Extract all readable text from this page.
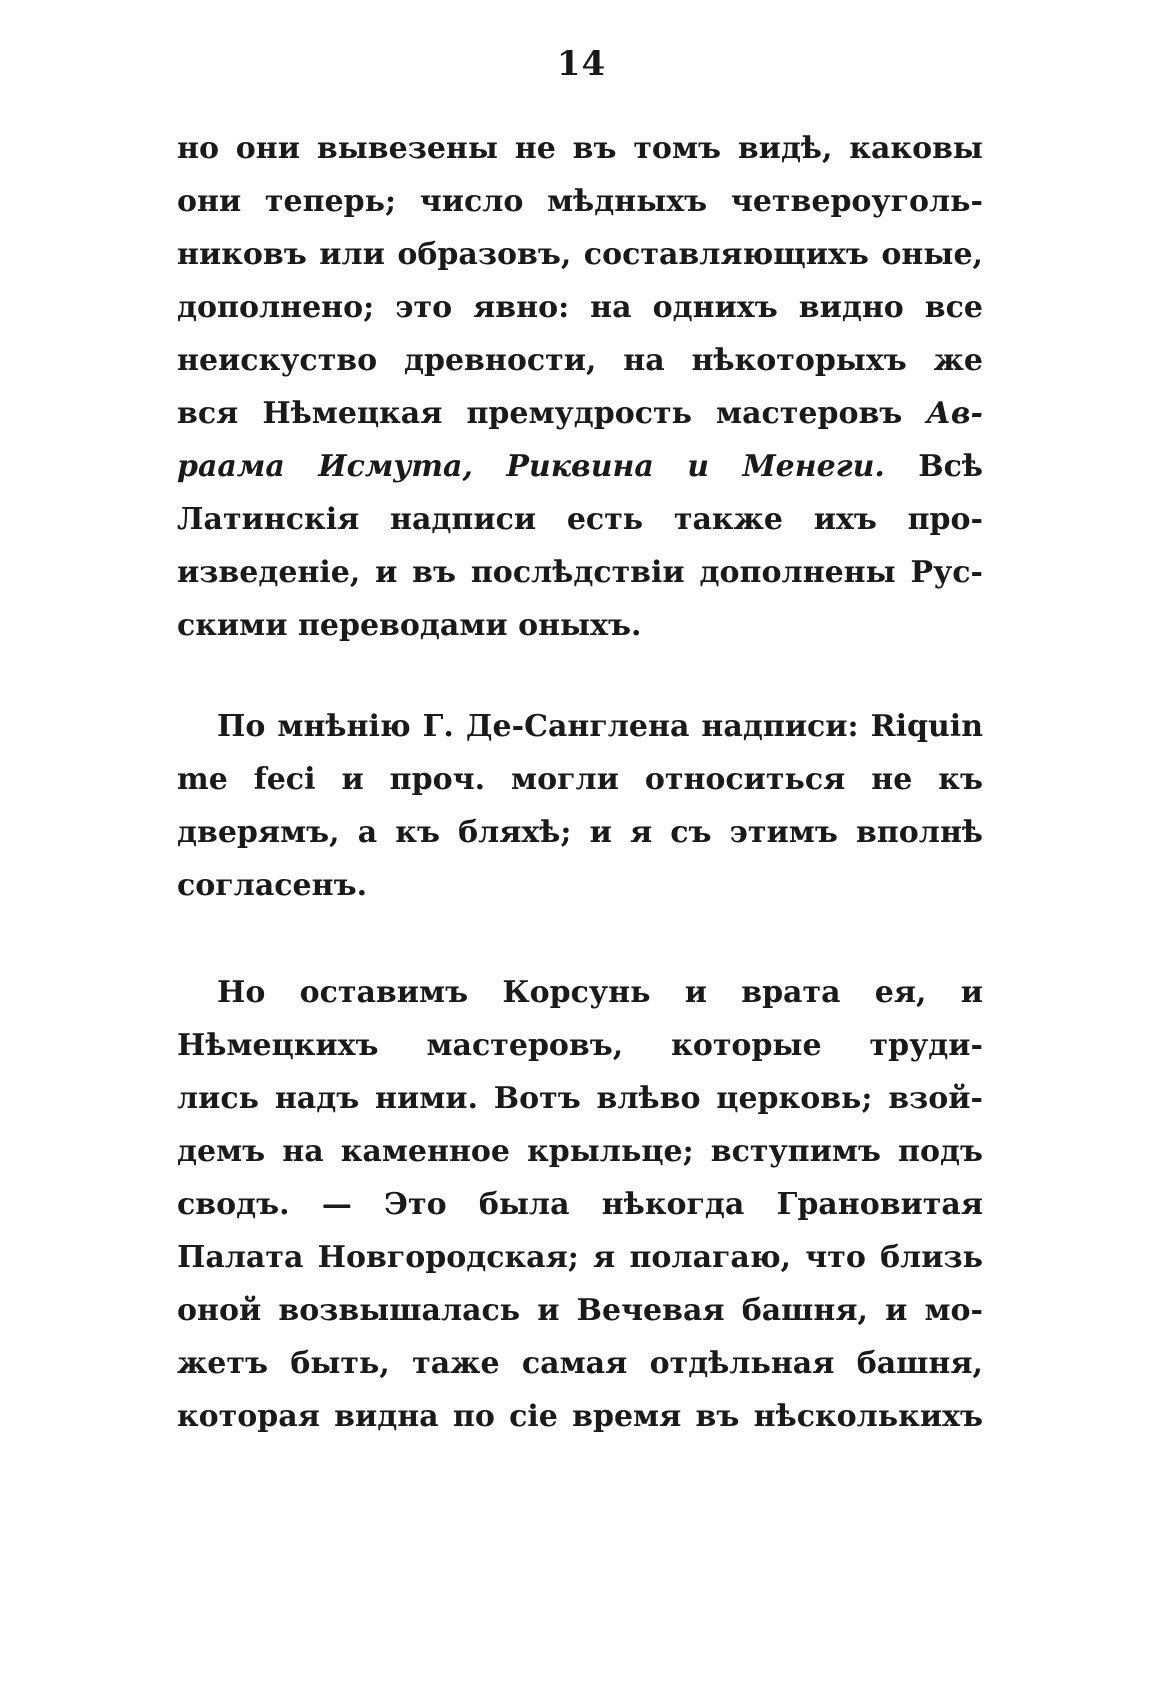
14
но они вывезены не въ томъ видѣ, каковы
они теперь; число мѣдныхъ четвероуголь-
никовъ или образовъ, составляющихъ оные,
дополнено; это явно: на однихъ видно все
неискуство древности, на нѣкоторыхъ же
вся Нѣмецкая премудрость мастеровъ Ав-
раама Исмута, Риквина и Менеги. Всѣ
Латинскія надписи есть также ихъ про-
изведеніе, и въ послѣдствіи дополнены Рус-
скими переводами оныхъ.
По мнѣнію Г. Де-Санглена надписи: Riquin
me feci и проч. могли относиться не къ
дверямъ, а къ бляхѣ; и я съ этимъ вполнѣ
согласенъ.
Но оставимъ Корсунь и врата ея, и
Нѣмецкихъ мастеровъ, которые труди-
лись надъ ними. Вотъ влѣво церковь; взой-
демъ на каменное крыльце; вступимъ подъ
сводъ. — Это была нѣкогда Грановитая
Палата Новгородская; я полагаю, что близь
оной возвышалась и Вечевая башня, и мо-
жетъ быть, таже самая отдѣльная башня,
которая видна по сіе время въ нѣсколькихъ
